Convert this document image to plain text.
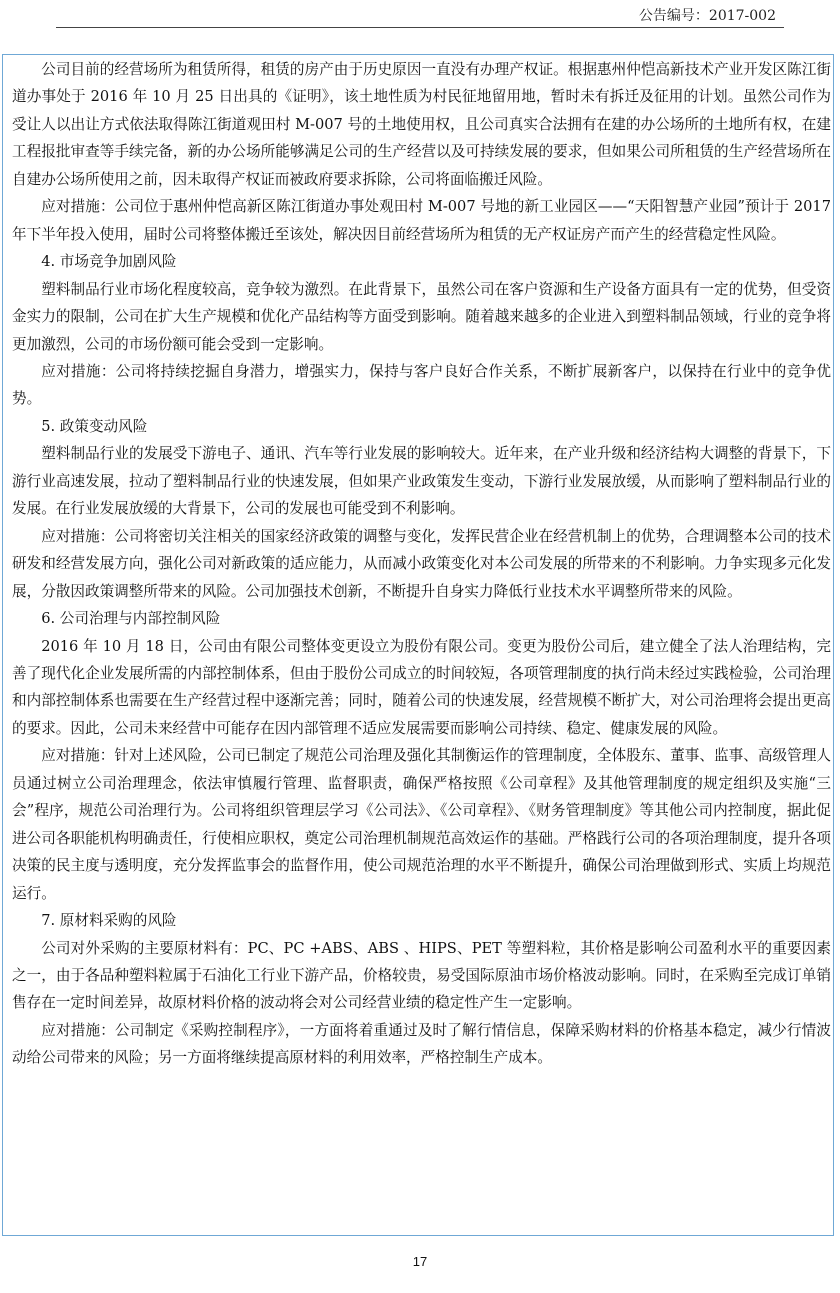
公告编号：2017-002

公司目前的经营场所为租赁所得，租赁的房产由于历史原因一直没有办理产权证。根据惠州仲恺高新技术产业开发区陈江街道办事处于 2016 年 10 月 25 日出具的《证明》，该土地性质为村民征地留用地，暂时未有拆迁及征用的计划。虽然公司作为受让人以出让方式依法取得陈江街道观田村 M-007 号的土地使用权，且公司真实合法拥有在建的办公场所的土地所有权，在建工程报批审查等手续完备，新的办公场所能够满足公司的生产经营以及可持续发展的要求，但如果公司所租赁的生产经营场所在自建办公场所使用之前，因未取得产权证而被政府要求拆除，公司将面临搬迁风险。

应对措施：公司位于惠州仲恺高新区陈江街道办事处观田村 M-007 号地的新工业园区——“天阳智慧产业园”预计于 2017 年下半年投入使用，届时公司将整体搬迁至该处，解决因目前经营场所为租赁的无产权证房产而产生的经营稳定性风险。

4. 市场竞争加剧风险

塑料制品行业市场化程度较高，竞争较为激烈。在此背景下，虽然公司在客户资源和生产设备方面具有一定的优势，但受资金实力的限制，公司在扩大生产规模和优化产品结构等方面受到影响。随着越来越多的企业进入到塑料制品领域，行业的竞争将更加激烈，公司的市场份额可能会受到一定影响。

应对措施：公司将持续挖掘自身潜力，增强实力，保持与客户良好合作关系，不断扩展新客户，以保持在行业中的竞争优势。

5. 政策变动风险

塑料制品行业的发展受下游电子、通讯、汽车等行业发展的影响较大。近年来，在产业升级和经济结构大调整的背景下，下游行业高速发展，拉动了塑料制品行业的快速发展，但如果产业政策发生变动，下游行业发展放缓，从而影响了塑料制品行业的发展。在行业发展放缓的大背景下，公司的发展也可能受到不利影响。

应对措施：公司将密切关注相关的国家经济政策的调整与变化，发挥民营企业在经营机制上的优势，合理调整本公司的技术研发和经营发展方向，强化公司对新政策的适应能力，从而减小政策变化对本公司发展的所带来的不利影响。力争实现多元化发展，分散因政策调整所带来的风险。公司加强技术创新，不断提升自身实力降低行业技术水平调整所带来的风险。

6. 公司治理与内部控制风险

2016 年 10 月 18 日，公司由有限公司整体变更设立为股份有限公司。变更为股份公司后，建立健全了法人治理结构，完善了现代化企业发展所需的内部控制体系，但由于股份公司成立的时间较短，各项管理制度的执行尚未经过实践检验，公司治理和内部控制体系也需要在生产经营过程中逐渐完善；同时，随着公司的快速发展，经营规模不断扩大，对公司治理将会提出更高的要求。因此，公司未来经营中可能存在因内部管理不适应发展需要而影响公司持续、稳定、健康发展的风险。

应对措施：针对上述风险，公司已制定了规范公司治理及强化其制衡运作的管理制度，全体股东、董事、监事、高级管理人员通过树立公司治理理念，依法审慎履行管理、监督职责，确保严格按照《公司章程》及其他管理制度的规定组织及实施“三会”程序，规范公司治理行为。公司将组织管理层学习《公司法》、《公司章程》、《财务管理制度》等其他公司内控制度，据此促进公司各职能机构明确责任，行使相应职权，奠定公司治理机制规范高效运作的基础。严格践行公司的各项治理制度，提升各项决策的民主度与透明度，充分发挥监事会的监督作用，使公司规范治理的水平不断提升，确保公司治理做到形式、实质上均规范运行。

7. 原材料采购的风险

公司对外采购的主要原材料有：PC、PC +ABS、ABS 、HIPS、PET 等塑料粒，其价格是影响公司盈利水平的重要因素之一，由于各品种塑料粒属于石油化工行业下游产品，价格较贵，易受国际原油市场价格波动影响。同时，在采购至完成订单销售存在一定时间差异，故原材料价格的波动将会对公司经营业绩的稳定性产生一定影响。

应对措施：公司制定《采购控制程序》，一方面将着重通过及时了解行情信息，保障采购材料的价格基本稳定，减少行情波动给公司带来的风险；另一方面将继续提高原材料的利用效率，严格控制生产成本。

17
